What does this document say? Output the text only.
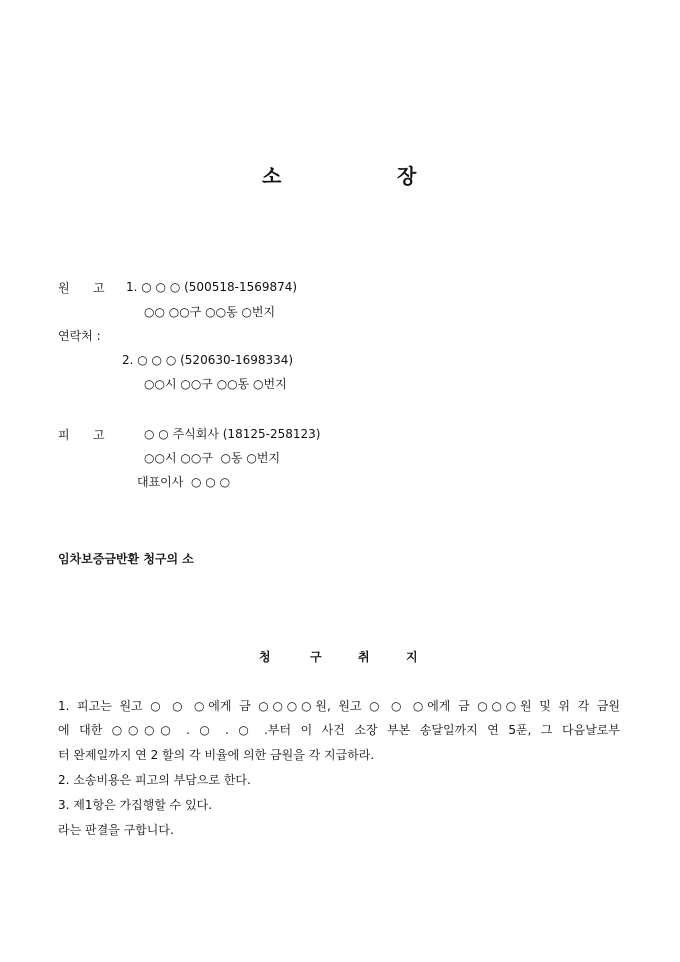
소	장
원 고 1. ○ ○ ○ (500518-1569874)
○○ ○○구 ○○동 ○번지
연락처 :
2. ○ ○ ○ (520630-1698334)
○○시 ○○구 ○○동 ○번지
피 고	○ ○ 주식회사 (18125-258123)
○○시 ○○구  ○동 ○번지
대표이사  ○ ○ ○
임차보증금반환 청구의 소
청	구	취	지
1. 피고는 원고 ○ ○ ○에게 금 ○○○○원, 원고 ○ ○ ○에게 금 ○○○원 및 위 각 금원
에 대한 ○○○○ . ○ . ○ .부터 이 사건 소장 부본 송달일까지 연 5푼, 그 다음날로부
터 완제일까지 연 2 할의 각 비율에 의한 금원을 각 지급하라.
2. 소송비용은 피고의 부담으로 한다.
3. 제1항은 가집행할 수 있다.
라는 판결을 구합니다.
